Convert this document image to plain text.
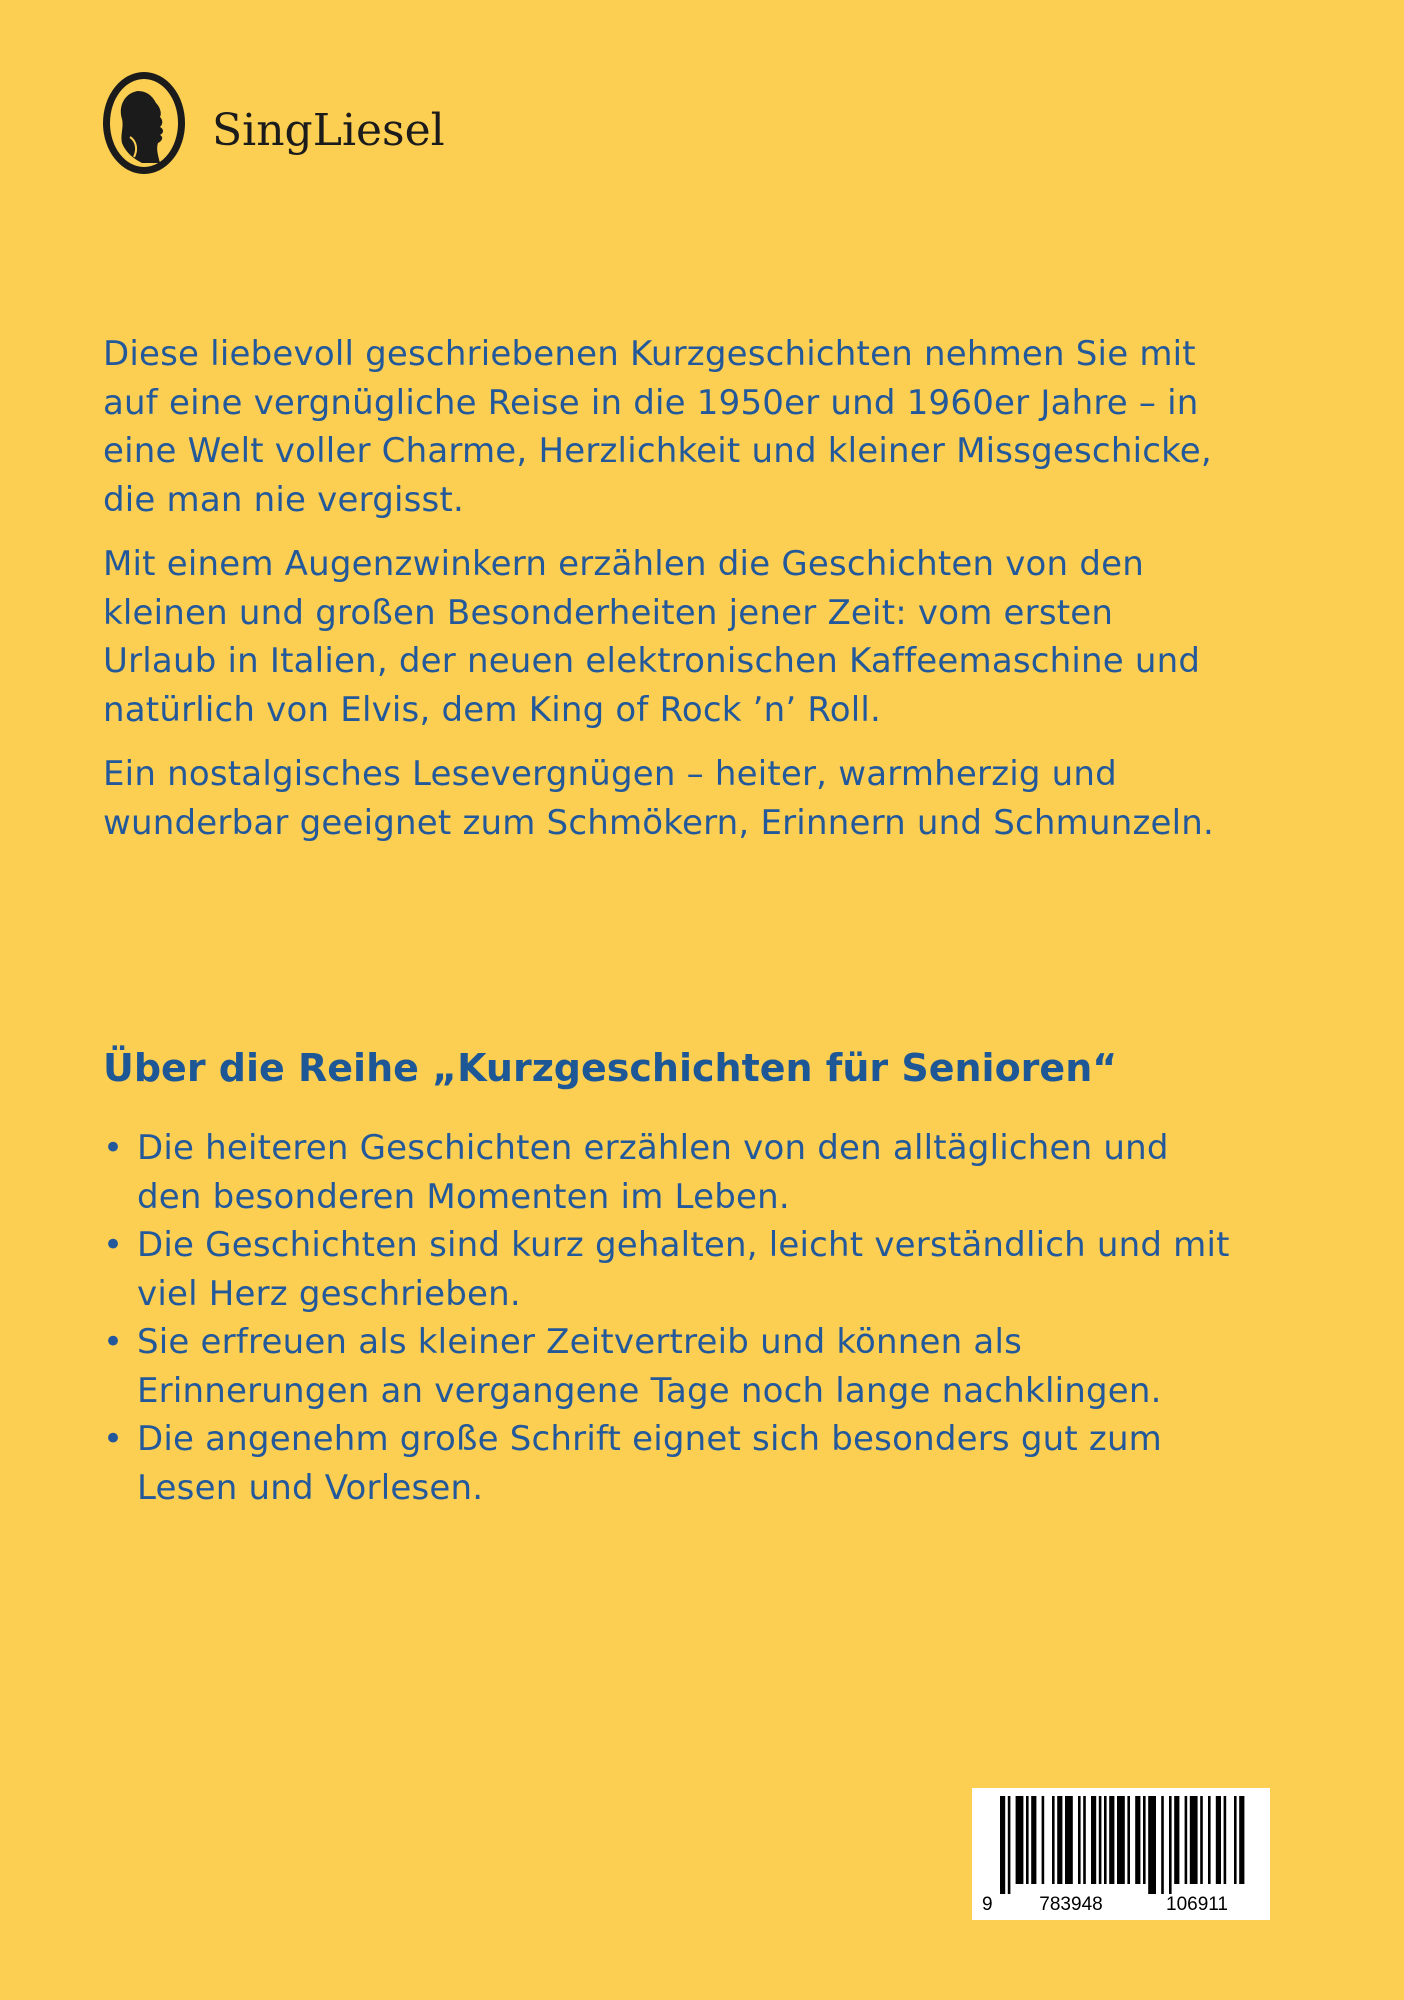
SingLiesel

Diese liebevoll geschriebenen Kurzgeschichten nehmen Sie mit auf eine vergnügliche Reise in die 1950er und 1960er Jahre – in eine Welt voller Charme, Herzlichkeit und kleiner Missgeschicke, die man nie vergisst.

Mit einem Augenzwinkern erzählen die Geschichten von den kleinen und großen Besonderheiten jener Zeit: vom ersten Urlaub in Italien, der neuen elektronischen Kaffeemaschine und natürlich von Elvis, dem King of Rock ’n’ Roll.

Ein nostalgisches Lesevergnügen – heiter, warmherzig und wunderbar geeignet zum Schmökern, Erinnern und Schmunzeln.

Über die Reihe „Kurzgeschichten für Senioren“
• Die heiteren Geschichten erzählen von den alltäglichen und den besonderen Momenten im Leben.
• Die Geschichten sind kurz gehalten, leicht verständlich und mit viel Herz geschrieben.
• Sie erfreuen als kleiner Zeitvertreib und können als Erinnerungen an vergangene Tage noch lange nachklingen.
• Die angenehm große Schrift eignet sich besonders gut zum Lesen und Vorlesen.
9	783948	106911
